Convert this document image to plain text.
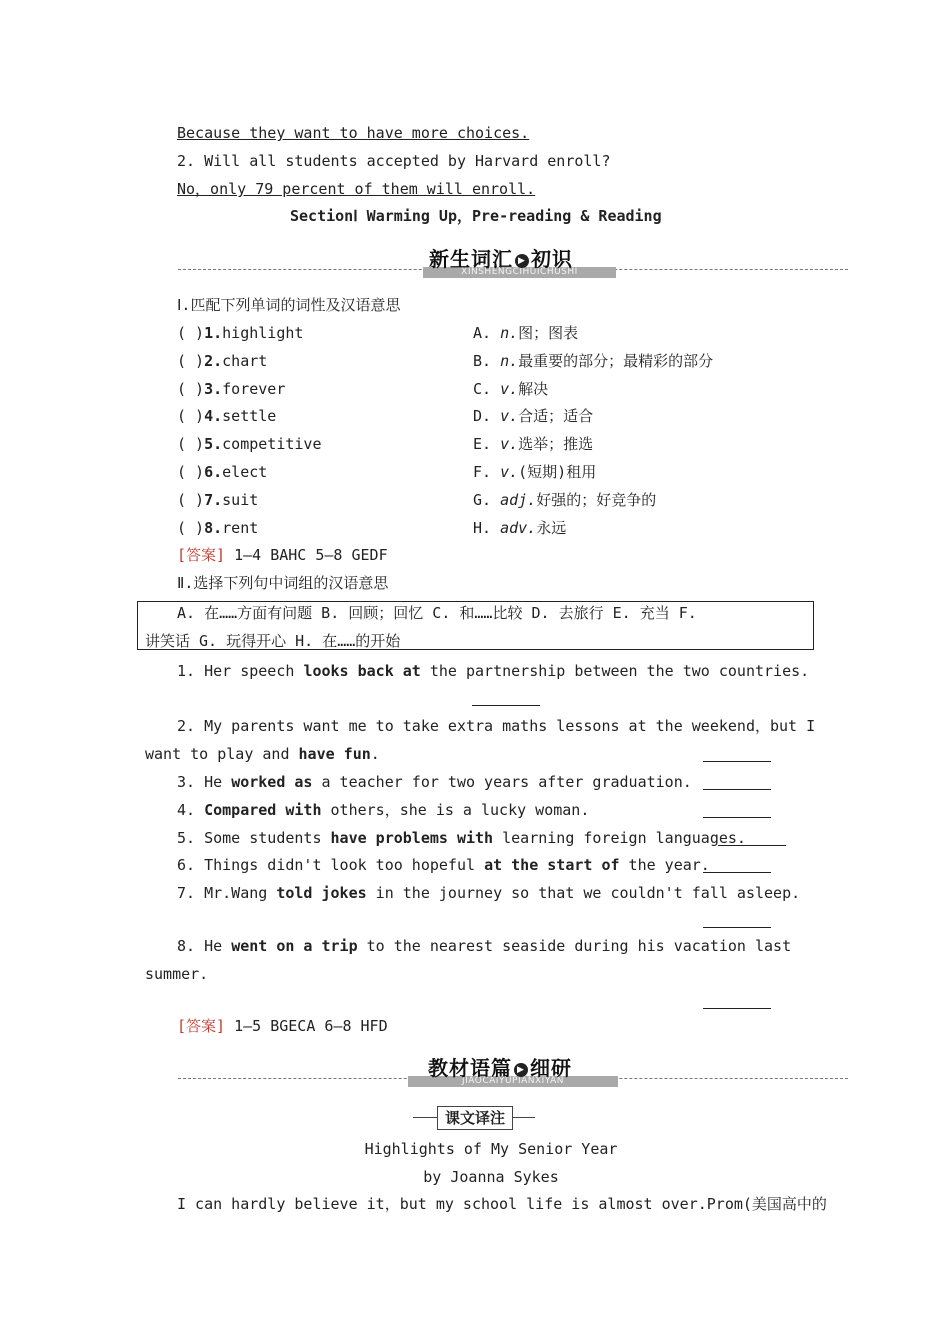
Because they want to have more choices.
2. Will all students accepted by Harvard enroll?
No，only 79 percent of them will enroll.
SectionⅠ Warming Up，Pre-reading & Reading
XINSHENGCIHUICHUSHI
新生词汇 ▶ 初识
Ⅰ.匹配下列单词的词性及汉语意思
( )1.highlight	A. n.图；图表
( )2.chart	B. n.最重要的部分；最精彩的部分
( )3.forever	C. v.解决
( )4.settle	D. v.合适；适合
( )5.competitive	E. v.选举；推选
( )6.elect	F. v.(短期)租用
( )7.suit	G. adj.好强的；好竞争的
( )8.rent	H. adv.永远
[答案] 1—4 BAHC 5—8 GEDF
Ⅱ.选择下列句中词组的汉语意思
A. 在……方面有问题 B. 回顾；回忆 C. 和……比较 D. 去旅行 E. 充当 F.
讲笑话 G. 玩得开心 H. 在……的开始
1. Her speech looks back at the partnership between the two countries.
2. My parents want me to take extra maths lessons at the weekend，but I
want to play and have fun.
3. He worked as a teacher for two years after graduation.
4. Compared with others，she is a lucky woman.
5. Some students have problems with learning foreign languages.
6. Things didn't look too hopeful at the start of the year.
7. Mr.Wang told jokes in the journey so that we couldn't fall asleep.
8. He went on a trip to the nearest seaside during his vacation last
summer.
[答案] 1—5 BGECA 6—8 HFD
JIAOCAIYUPIANXIYAN
教材语篇 ▶ 细研
课文译注
Highlights of My Senior Year
by Joanna Sykes
I can hardly believe it，but my school life is almost over.Prom(美国高中的
